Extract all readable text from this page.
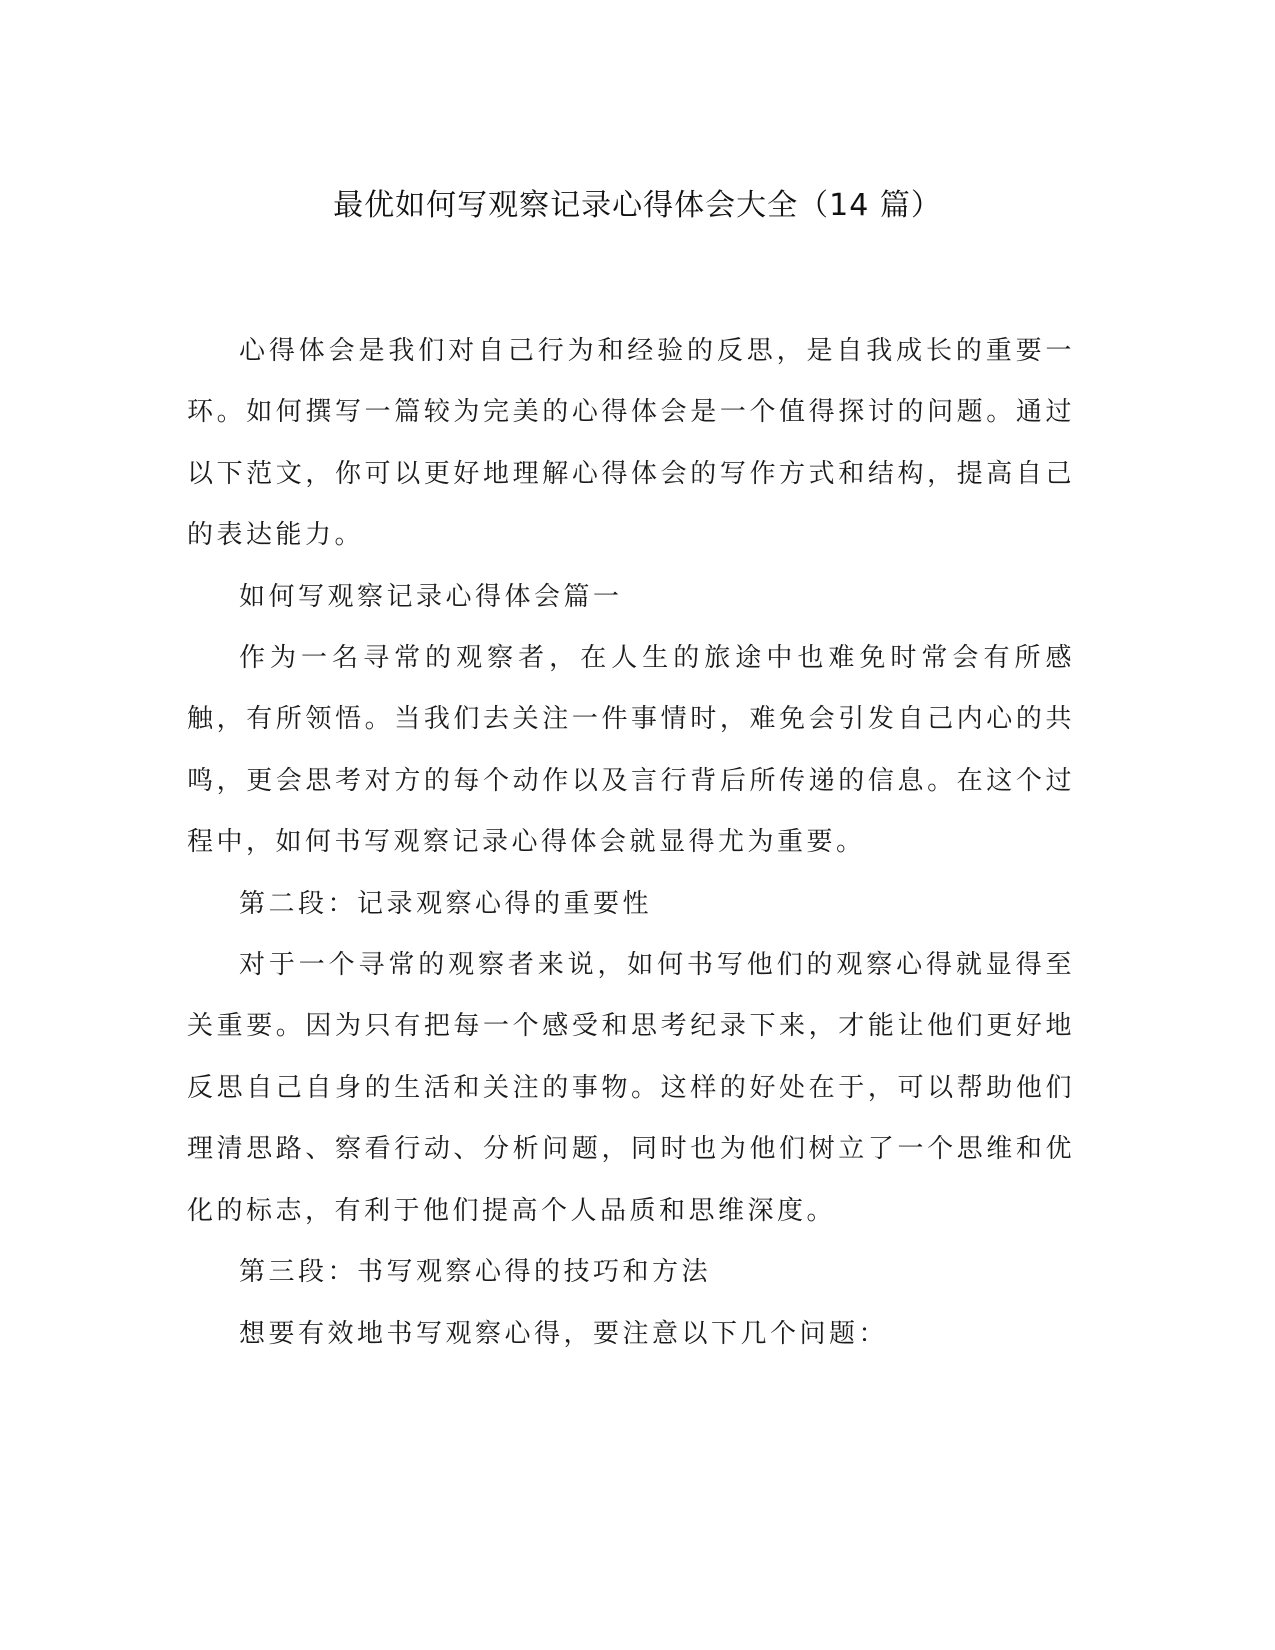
最优如何写观察记录心得体会大全（14 篇）

心得体会是我们对自己行为和经验的反思，是自我成长的重要一环。如何撰写一篇较为完美的心得体会是一个值得探讨的问题。通过以下范文，你可以更好地理解心得体会的写作方式和结构，提高自己的表达能力。

如何写观察记录心得体会篇一

作为一名寻常的观察者，在人生的旅途中也难免时常会有所感触，有所领悟。当我们去关注一件事情时，难免会引发自己内心的共鸣，更会思考对方的每个动作以及言行背后所传递的信息。在这个过程中，如何书写观察记录心得体会就显得尤为重要。

第二段：记录观察心得的重要性

对于一个寻常的观察者来说，如何书写他们的观察心得就显得至关重要。因为只有把每一个感受和思考纪录下来，才能让他们更好地反思自己自身的生活和关注的事物。这样的好处在于，可以帮助他们理清思路、察看行动、分析问题，同时也为他们树立了一个思维和优化的标志，有利于他们提高个人品质和思维深度。

第三段：书写观察心得的技巧和方法

想要有效地书写观察心得，要注意以下几个问题：
